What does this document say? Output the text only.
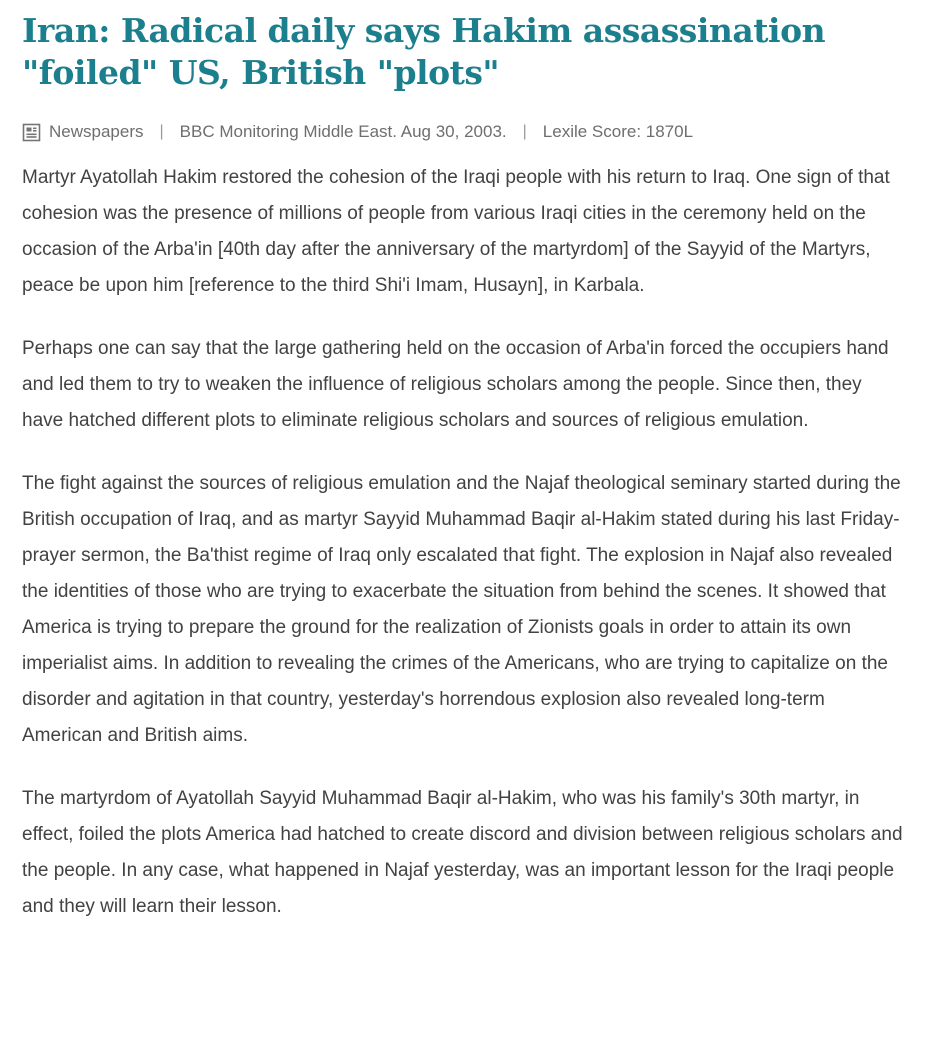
Iran: Radical daily says Hakim assassination "foiled" US, British "plots"
Newspapers	| BBC Monitoring Middle East. Aug 30, 2003.	| Lexile Score: 1870L

Martyr Ayatollah Hakim restored the cohesion of the Iraqi people with his return to Iraq. One sign of that cohesion was the presence of millions of people from various Iraqi cities in the ceremony held on the occasion of the Arba'in [40th day after the anniversary of the martyrdom] of the Sayyid of the Martyrs, peace be upon him [reference to the third Shi'i Imam, Husayn], in Karbala.

Perhaps one can say that the large gathering held on the occasion of Arba'in forced the occupiers hand and led them to try to weaken the influence of religious scholars among the people. Since then, they have hatched different plots to eliminate religious scholars and sources of religious emulation.

The fight against the sources of religious emulation and the Najaf theological seminary started during the British occupation of Iraq, and as martyr Sayyid Muhammad Baqir al-Hakim stated during his last Friday-prayer sermon, the Ba'thist regime of Iraq only escalated that fight. The explosion in Najaf also revealed the identities of those who are trying to exacerbate the situation from behind the scenes. It showed that America is trying to prepare the ground for the realization of Zionists goals in order to attain its own imperialist aims. In addition to revealing the crimes of the Americans, who are trying to capitalize on the disorder and agitation in that country, yesterday's horrendous explosion also revealed long-term American and British aims.

The martyrdom of Ayatollah Sayyid Muhammad Baqir al-Hakim, who was his family's 30th martyr, in effect, foiled the plots America had hatched to create discord and division between religious scholars and the people. In any case, what happened in Najaf yesterday, was an important lesson for the Iraqi people and they will learn their lesson.
